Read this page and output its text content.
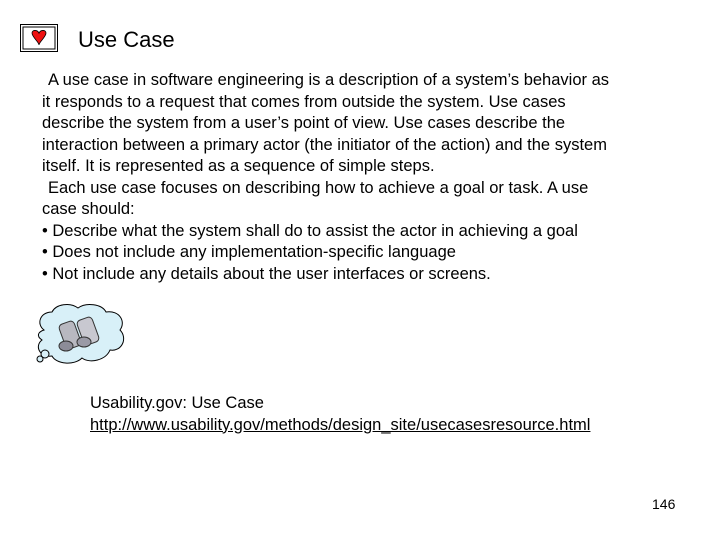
Use Case
A use case in software engineering is a description of a system’s behavior as
it responds to a request that comes from outside the system. Use cases
describe the system from a user’s point of view. Use cases describe the
interaction between a primary actor (the initiator of the action) and the system
itself. It is represented as a sequence of simple steps.
Each use case focuses on describing how to achieve a goal or task. A use
case should:
• Describe what the system shall do to assist the actor in achieving a goal
• Does not include any implementation-specific language
• Not include any details about the user interfaces or screens.
Usability.gov: Use Case
http://www.usability.gov/methods/design_site/usecasesresource.html
146
